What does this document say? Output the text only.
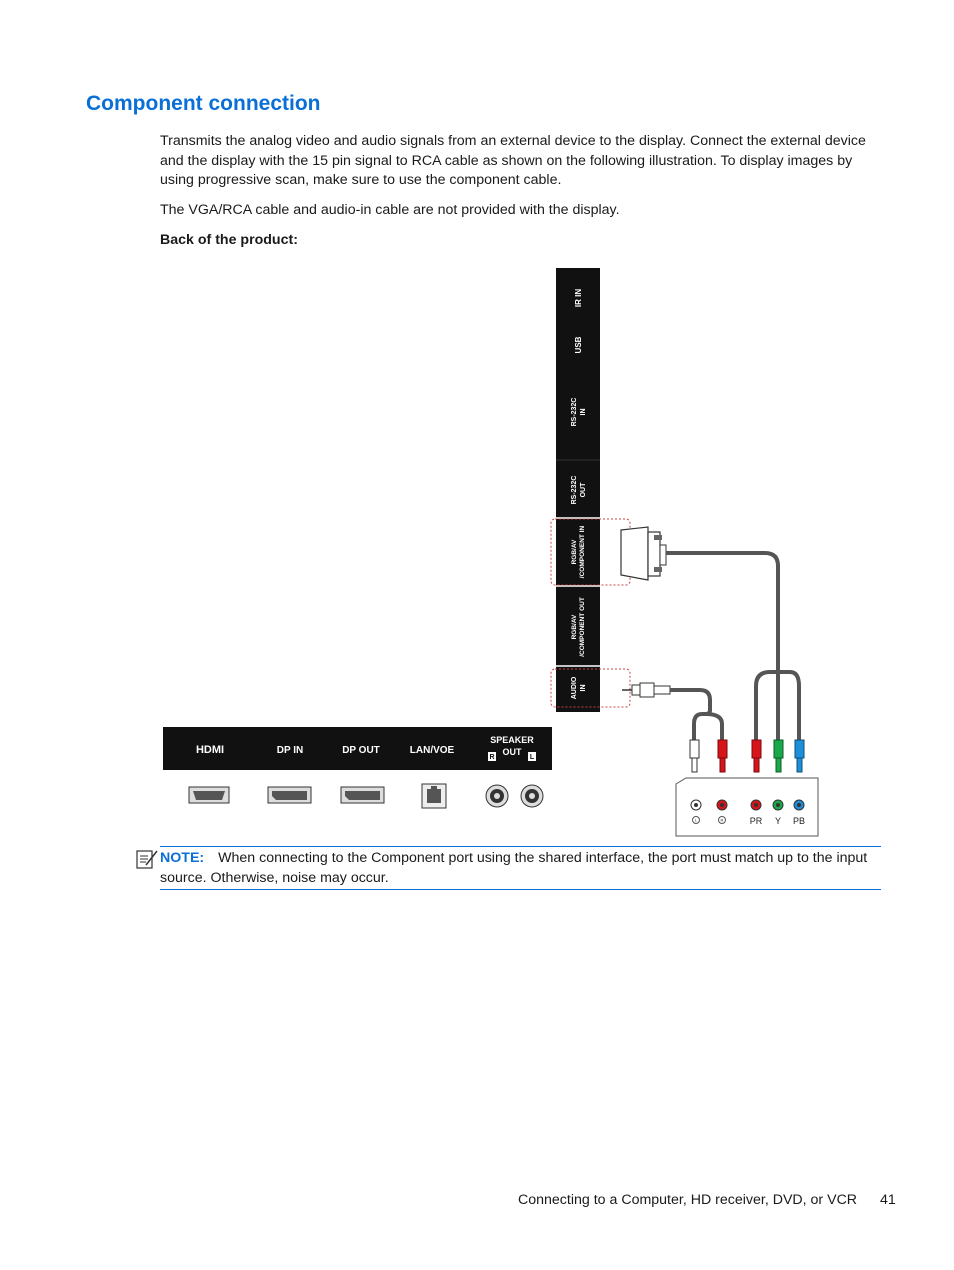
Component connection

Transmits the analog video and audio signals from an external device to the display. Connect the external device and the display with the 15 pin signal to RCA cable as shown on the following illustration. To display images by using progressive scan, make sure to use the component cable.

The VGA/RCA cable and audio-in cable are not provided with the display.

Back of the product:

IR IN
USB
RS-232C IN
RS-232C OUT
RGB/AV /COMPONENT IN
RGB/AV /COMPONENT OUT
AUDIO IN
L	R	PR Y PB
HDMI	DP IN	DP OUT	LAN/VOE
SPEAKER
OUT
R	L
NOTE: When connecting to the Component port using the shared interface, the port must match up to the input source. Otherwise, noise may occur.
Connecting to a Computer, HD receiver, DVD, or VCR 41
